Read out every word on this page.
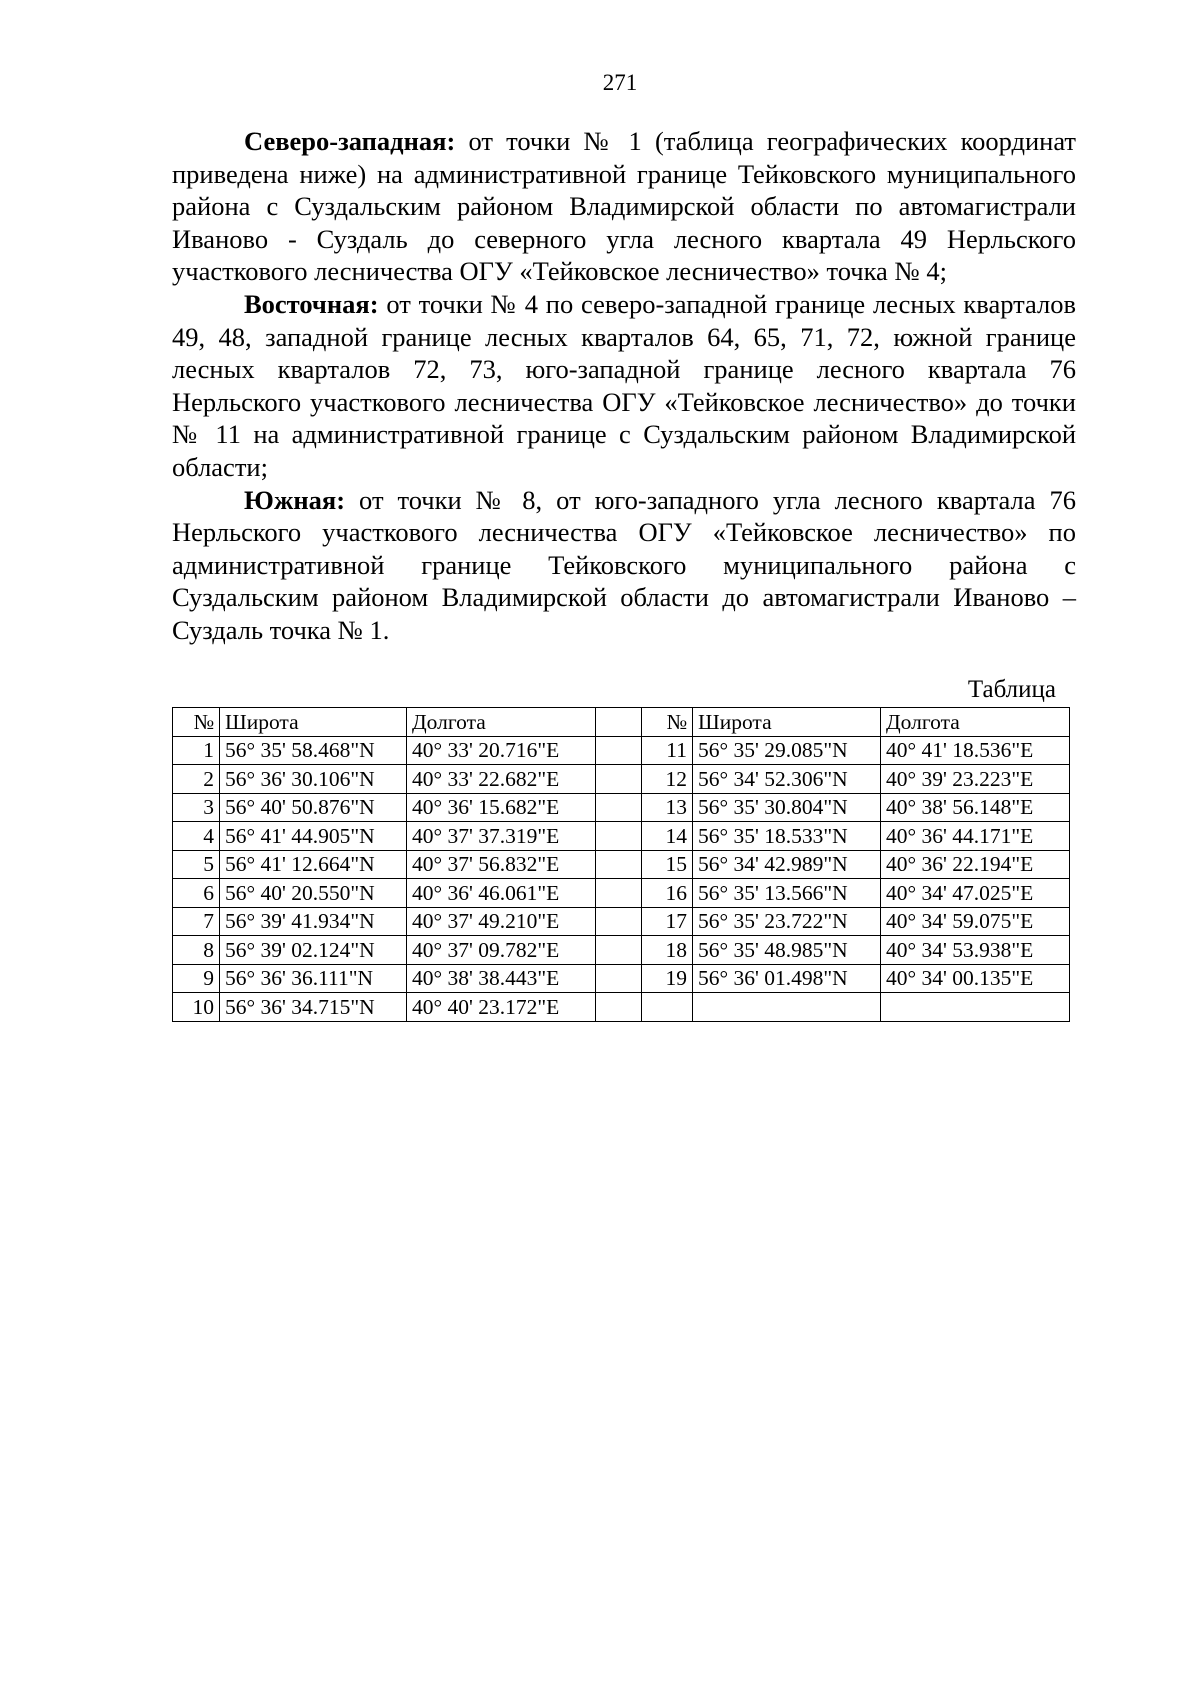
271

Северо-западная: от точки № 1 (таблица географических координат приведена ниже) на административной границе Тейковского муниципального района с Суздальским районом Владимирской области по автомагистрали Иваново - Суздаль до северного угла лесного квартала 49 Нерльского участкового лесничества ОГУ «Тейковское лесничество» точка № 4;

Восточная: от точки № 4 по северо-западной границе лесных кварталов 49, 48, западной границе лесных кварталов 64, 65, 71, 72, южной границе лесных кварталов 72, 73, юго-западной границе лесного квартала 76 Нерльского участкового лесничества ОГУ «Тейковское лесничество» до точки № 11 на административной границе с Суздальским районом Владимирской области;

Южная: от точки № 8, от юго-западного угла лесного квартала 76 Нерльского участкового лесничества ОГУ «Тейковское лесничество» по административной границе Тейковского муниципального района с Суздальским районом Владимирской области до автомагистрали Иваново – Суздаль точка № 1.

Таблица
№	Широта	Долгота		№	Широта	Долгота
1	56° 35' 58.468"N	40° 33' 20.716"E		11	56° 35' 29.085"N	40° 41' 18.536"E
2	56° 36' 30.106"N	40° 33' 22.682"E		12	56° 34' 52.306"N	40° 39' 23.223"E
3	56° 40' 50.876"N	40° 36' 15.682"E		13	56° 35' 30.804"N	40° 38' 56.148"E
4	56° 41' 44.905"N	40° 37' 37.319"E		14	56° 35' 18.533"N	40° 36' 44.171"E
5	56° 41' 12.664"N	40° 37' 56.832"E		15	56° 34' 42.989"N	40° 36' 22.194"E
6	56° 40' 20.550"N	40° 36' 46.061"E		16	56° 35' 13.566"N	40° 34' 47.025"E
7	56° 39' 41.934"N	40° 37' 49.210"E		17	56° 35' 23.722"N	40° 34' 59.075"E
8	56° 39' 02.124"N	40° 37' 09.782"E		18	56° 35' 48.985"N	40° 34' 53.938"E
9	56° 36' 36.111"N	40° 38' 38.443"E		19	56° 36' 01.498"N	40° 34' 00.135"E
10	56° 36' 34.715"N	40° 40' 23.172"E				
